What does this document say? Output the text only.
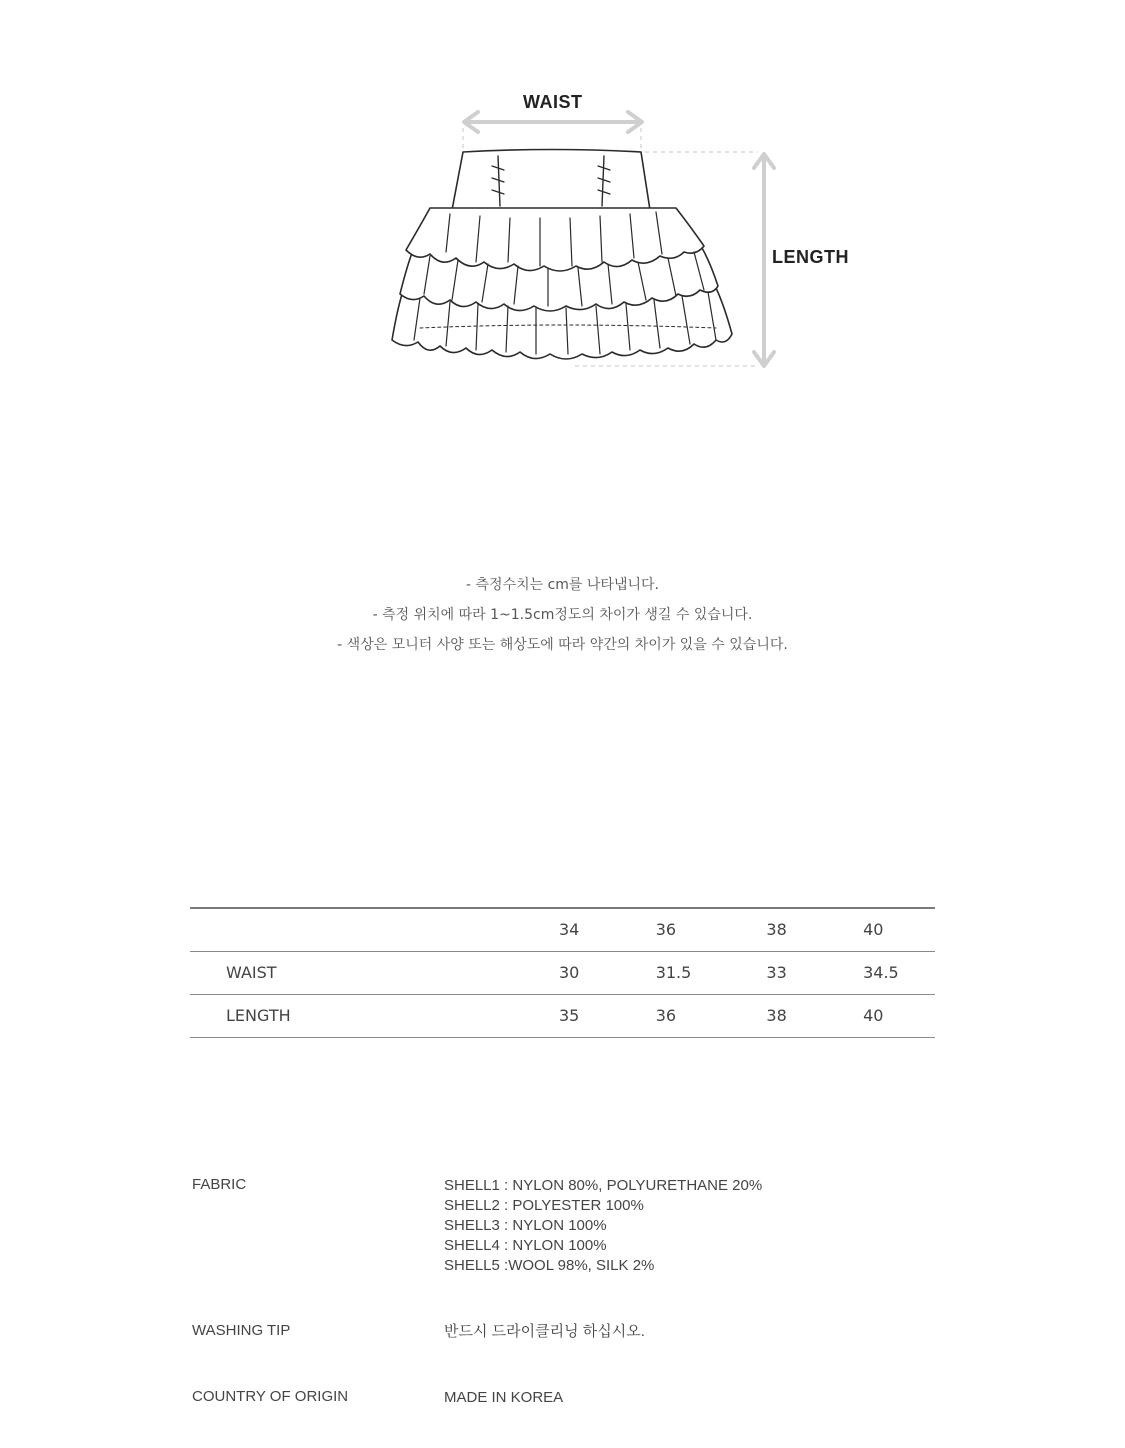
WAIST
LENGTH
- 측정수치는 cm를 나타냅니다.
- 측정 위치에 따라 1~1.5cm정도의 차이가 생길 수 있습니다.
- 색상은 모니터 사양 또는 해상도에 따라 약간의 차이가 있을 수 있습니다.
	34	36	38	40
WAIST	30	31.5	33	34.5
LENGTH	35	36	38	40
FABRIC	SHELL1 : NYLON 80%, POLYURETHANE 20%
SHELL2 : POLYESTER 100%
SHELL3 : NYLON 100%
SHELL4 : NYLON 100%
SHELL5 :WOOL 98%, SILK 2%
WASHING TIP	반드시 드라이클리닝 하십시오.
COUNTRY OF ORIGIN	MADE IN KOREA
